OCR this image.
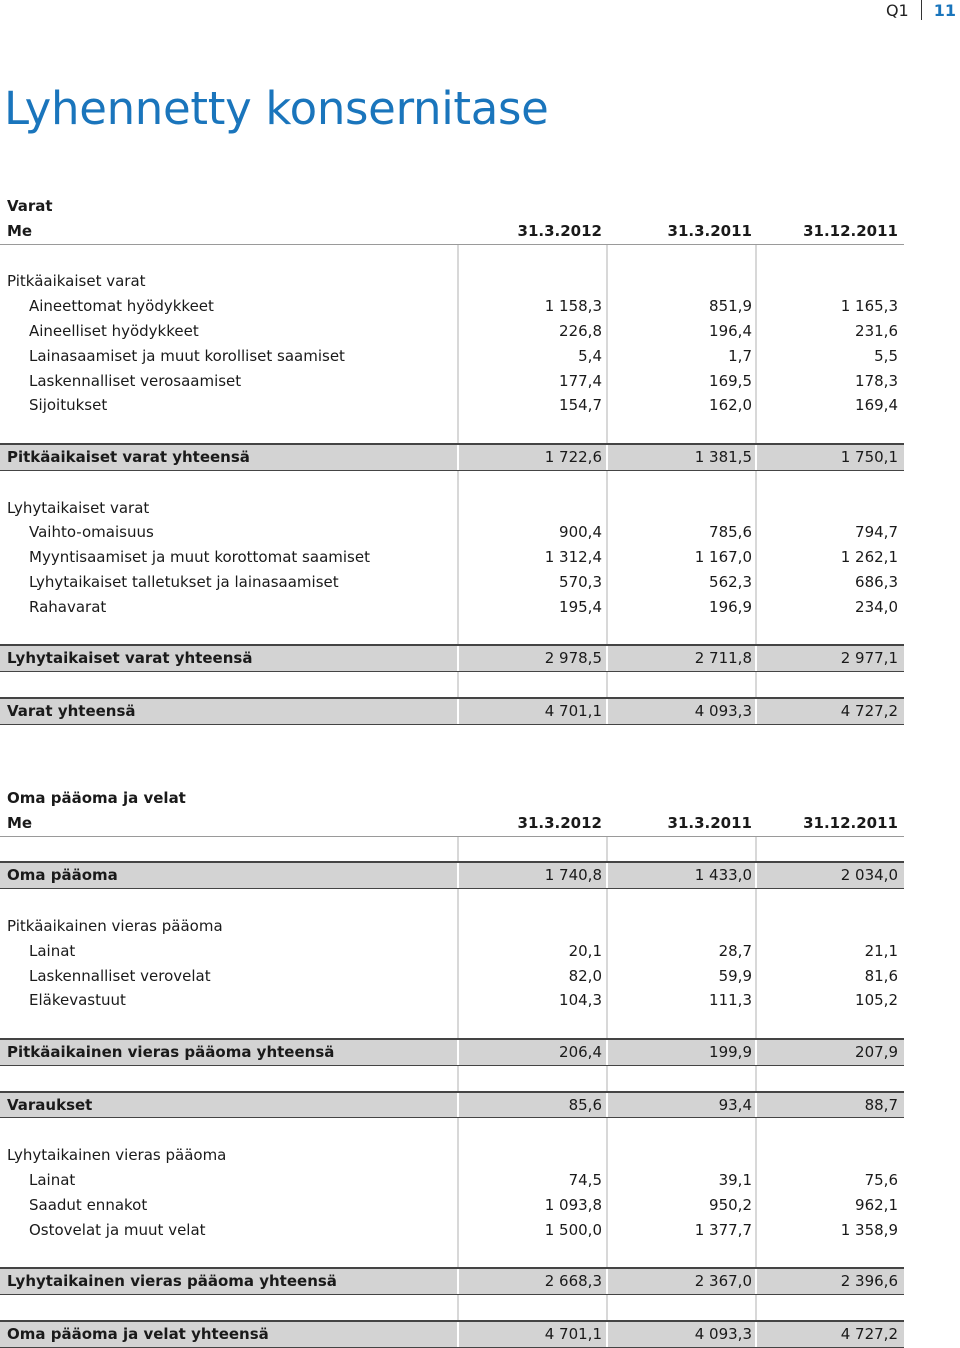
Q1	11
Lyhennetty konsernitase
Varat
Me	31.3.2012	31.3.2011	31.12.2011
Pitkäaikaiset varat
Aineettomat hyödykkeet	1 158,3	851,9	1 165,3
Aineelliset hyödykkeet	226,8	196,4	231,6
Lainasaamiset ja muut korolliset saamiset	5,4	1,7	5,5
Laskennalliset verosaamiset	177,4	169,5	178,3
Sijoitukset	154,7	162,0	169,4
Pitkäaikaiset varat yhteensä	1 722,6	1 381,5	1 750,1
Lyhytaikaiset varat
Vaihto-omaisuus	900,4	785,6	794,7
Myyntisaamiset ja muut korottomat saamiset	1 312,4	1 167,0	1 262,1
Lyhytaikaiset talletukset ja lainasaamiset	570,3	562,3	686,3
Rahavarat	195,4	196,9	234,0
Lyhytaikaiset varat yhteensä	2 978,5	2 711,8	2 977,1
Varat yhteensä	4 701,1	4 093,3	4 727,2
Oma pääoma ja velat
Me	31.3.2012	31.3.2011	31.12.2011
Oma pääoma	1 740,8	1 433,0	2 034,0
Pitkäaikainen vieras pääoma
Lainat	20,1	28,7	21,1
Laskennalliset verovelat	82,0	59,9	81,6
Eläkevastuut	104,3	111,3	105,2
Pitkäaikainen vieras pääoma yhteensä	206,4	199,9	207,9
Varaukset	85,6	93,4	88,7
Lyhytaikainen vieras pääoma
Lainat	74,5	39,1	75,6
Saadut ennakot	1 093,8	950,2	962,1
Ostovelat ja muut velat	1 500,0	1 377,7	1 358,9
Lyhytaikainen vieras pääoma yhteensä	2 668,3	2 367,0	2 396,6
Oma pääoma ja velat yhteensä	4 701,1	4 093,3	4 727,2
